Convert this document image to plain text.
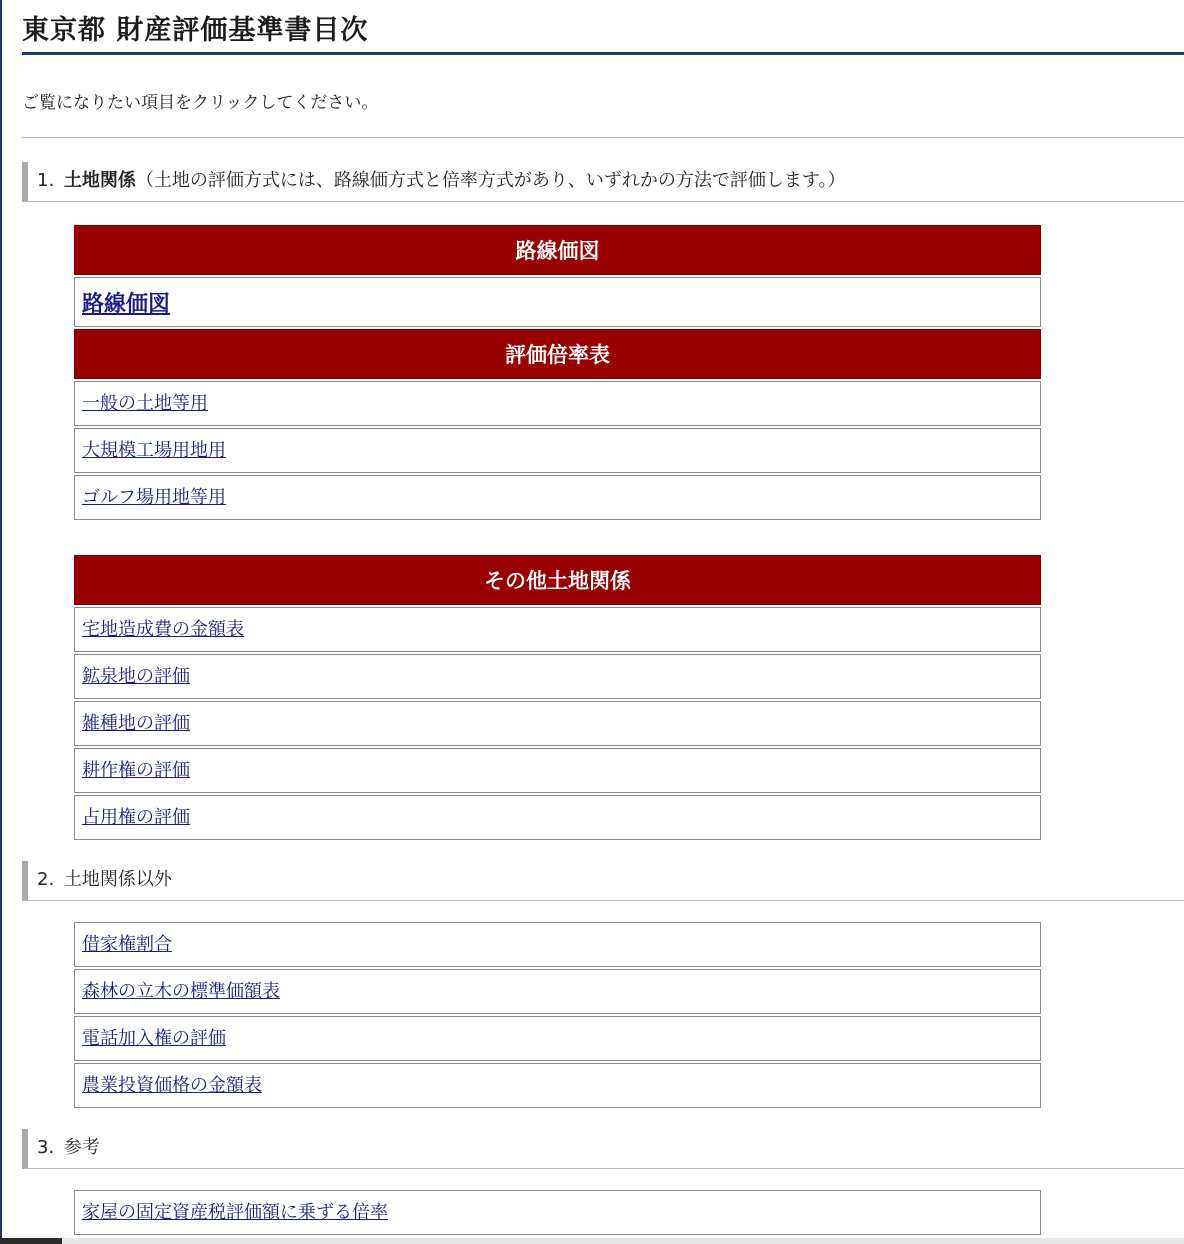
東京都 財産評価基準書目次
ご覧になりたい項目をクリックしてください。
1. 土地関係（土地の評価方式には、路線価方式と倍率方式があり、いずれかの方法で評価します。）
路線価図
路線価図
評価倍率表
一般の土地等用
大規模工場用地用
ゴルフ場用地等用
その他土地関係
宅地造成費の金額表
鉱泉地の評価
雑種地の評価
耕作権の評価
占用権の評価
2. 土地関係以外
借家権割合
森林の立木の標準価額表
電話加入権の評価
農業投資価格の金額表
3. 参考
家屋の固定資産税評価額に乗ずる倍率
